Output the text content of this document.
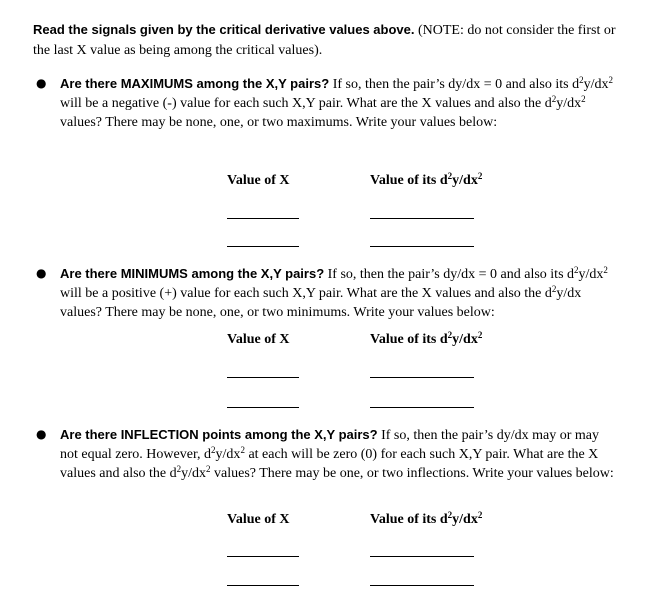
Read the signals given by the critical derivative values above. (NOTE: do not consider the first or the last X value as being among the critical values).
● Are there MAXIMUMS among the X,Y pairs? If so, then the pair’s dy/dx = 0 and also its $d^2y/dx^2$ will be a negative (-) value for each such X,Y pair. What are the X values and also the $d^2y/dx^2$ values? There may be none, one, or two maximums. Write your values below:
Value of X	Value of its $d^2y/dx^2$
● Are there MINIMUMS among the X,Y pairs? If so, then the pair’s dy/dx = 0 and also its $d^2y/dx^2$ will be a positive (+) value for each such X,Y pair. What are the X values and also the $d^2y/dx$ values? There may be none, one, or two minimums. Write your values below:
Value of X	Value of its $d^2y/dx^2$
● Are there INFLECTION points among the X,Y pairs? If so, then the pair’s dy/dx may or may not equal zero. However, $d^2y/dx^2$ at each will be zero (0) for each such X,Y pair. What are the X values and also the $d^2y/dx^2$ values? There may be one, or two inflections. Write your values below:
Value of X	Value of its $d^2y/dx^2$
